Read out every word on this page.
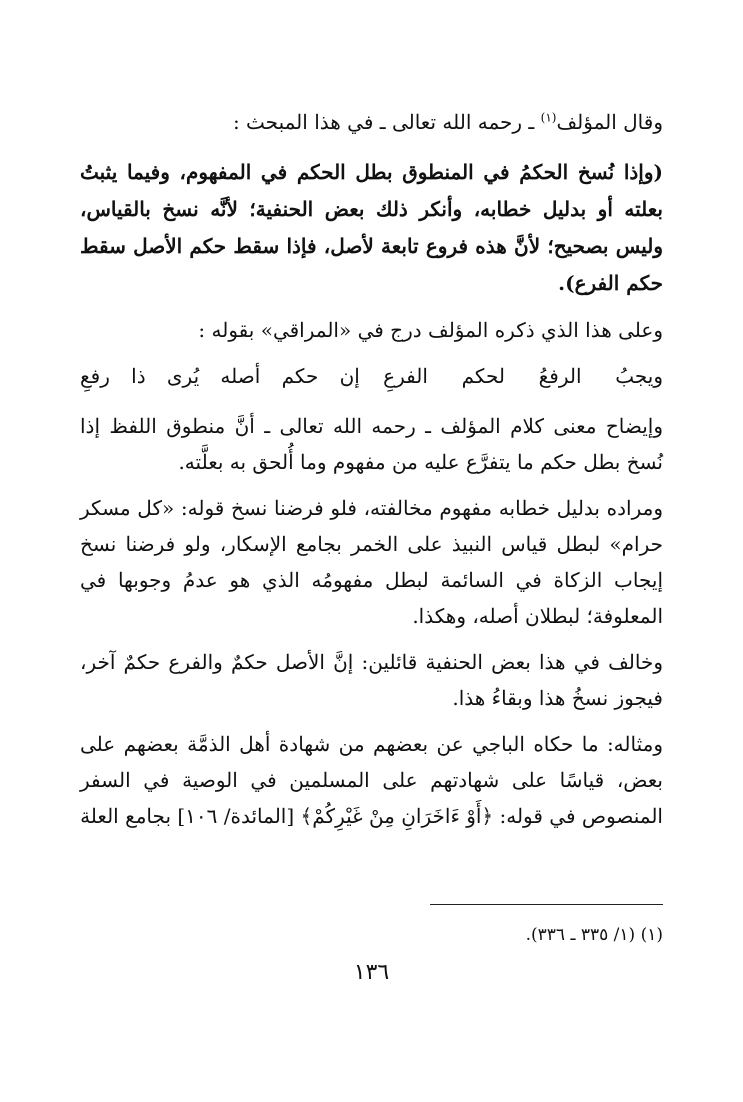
وقال المؤلف$^{(١)}$ ـ رحمه الله تعالى ـ في هذا المبحث :

(وإذا نُسخ الحكمُ في المنطوق بطل الحكم في المفهوم، وفيما يثبتُ بعلته أو بدليل خطابه، وأنكر ذلك بعض الحنفية؛ لأنَّه نسخ بالقياس، وليس بصحيح؛ لأنَّ هذه فروع تابعة لأصل، فإذا سقط حكم الأصل سقط حكم الفرع).

وعلى هذا الذي ذكره المؤلف درج في «المراقي» بقوله :

ويجبُ الرفعُ لحكم الفرعِ
إن حكم أصله يُرى ذا رفعِ

وإيضاح معنى كلام المؤلف ـ رحمه الله تعالى ـ أنَّ منطوق اللفظ إذا نُسخ بطل حكم ما يتفرَّع عليه من مفهوم وما أُلحق به بعلَّته.

ومراده بدليل خطابه مفهوم مخالفته، فلو فرضنا نسخ قوله: «كل مسكر حرام» لبطل قياس النبيذ على الخمر بجامع الإسكار، ولو فرضنا نسخ إيجاب الزكاة في السائمة لبطل مفهومُه الذي هو عدمُ وجوبها في المعلوفة؛ لبطلان أصله، وهكذا.

وخالف في هذا بعض الحنفية قائلين: إنَّ الأصل حكمٌ والفرع حكمٌ آخر، فيجوز نسخُ هذا وبقاءُ هذا.

ومثاله: ما حكاه الباجي عن بعضهم من شهادة أهل الذمَّة بعضهم على بعض، قياسًا على شهادتهم على المسلمين في الوصية في السفر المنصوص في قوله: ﴿أَوْ ءَاخَرَانِ مِنْ غَيْرِكُمْ﴾ [المائدة/ ١٠٦] بجامع العلة

(١) (١/ ٣٣٥ ـ ٣٣٦).
١٣٦
